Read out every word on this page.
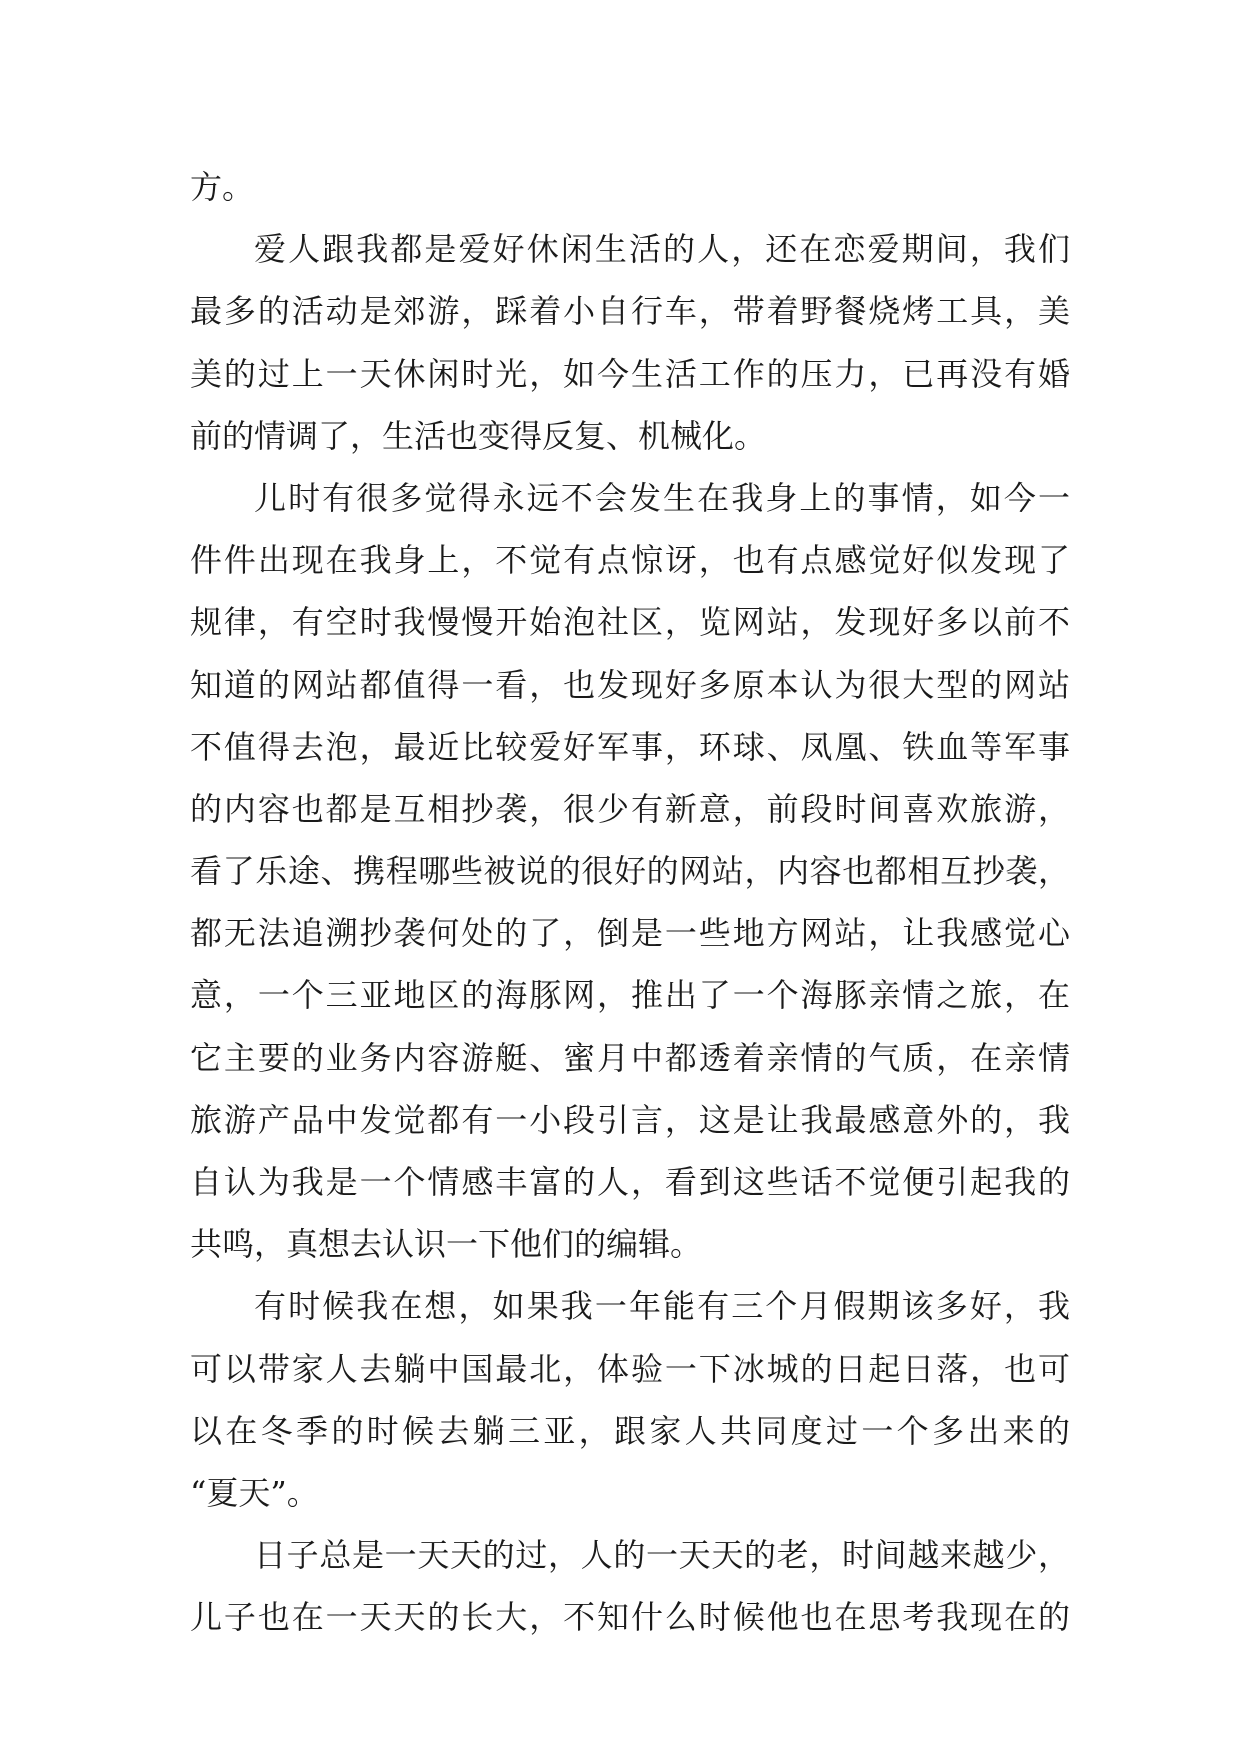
方。
爱人跟我都是爱好休闲生活的人，还在恋爱期间，我们
最多的活动是郊游，踩着小自行车，带着野餐烧烤工具，美
美的过上一天休闲时光，如今生活工作的压力，已再没有婚
前的情调了，生活也变得反复、机械化。
儿时有很多觉得永远不会发生在我身上的事情，如今一
件件出现在我身上，不觉有点惊讶，也有点感觉好似发现了
规律，有空时我慢慢开始泡社区，览网站，发现好多以前不
知道的网站都值得一看，也发现好多原本认为很大型的网站
不值得去泡，最近比较爱好军事，环球、凤凰、铁血等军事
的内容也都是互相抄袭，很少有新意，前段时间喜欢旅游，
看了乐途、携程哪些被说的很好的网站，内容也都相互抄袭，
都无法追溯抄袭何处的了，倒是一些地方网站，让我感觉心
意，一个三亚地区的海豚网，推出了一个海豚亲情之旅，在
它主要的业务内容游艇、蜜月中都透着亲情的气质，在亲情
旅游产品中发觉都有一小段引言，这是让我最感意外的，我
自认为我是一个情感丰富的人，看到这些话不觉便引起我的
共鸣，真想去认识一下他们的编辑。
有时候我在想，如果我一年能有三个月假期该多好，我
可以带家人去躺中国最北，体验一下冰城的日起日落，也可
以在冬季的时候去躺三亚，跟家人共同度过一个多出来的
“夏天”。
日子总是一天天的过，人的一天天的老，时间越来越少，
儿子也在一天天的长大，不知什么时候他也在思考我现在的
